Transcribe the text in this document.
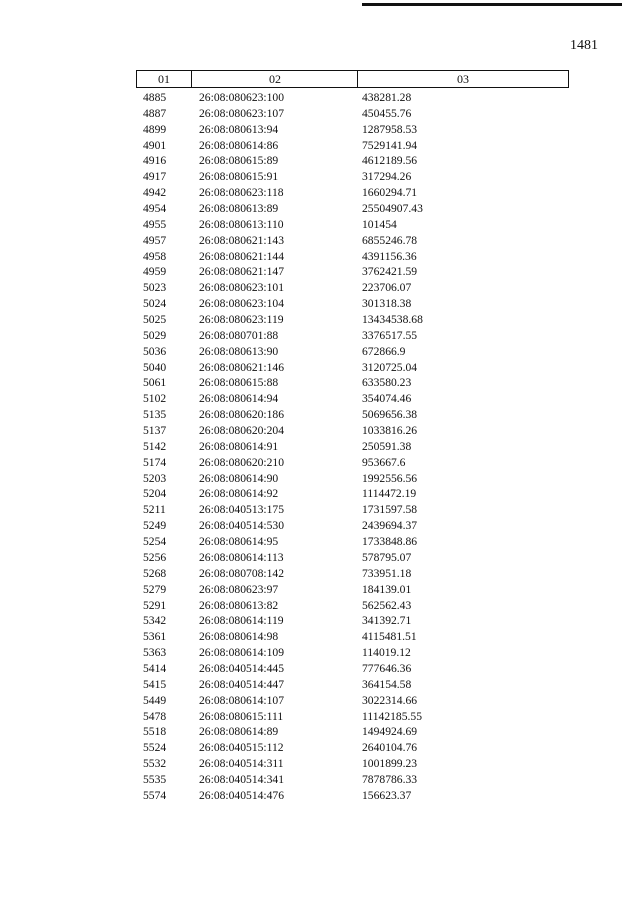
1481
01	02	03
4885	26:08:080623:100	438281.28
4887	26:08:080623:107	450455.76
4899	26:08:080613:94	1287958.53
4901	26:08:080614:86	7529141.94
4916	26:08:080615:89	4612189.56
4917	26:08:080615:91	317294.26
4942	26:08:080623:118	1660294.71
4954	26:08:080613:89	25504907.43
4955	26:08:080613:110	101454
4957	26:08:080621:143	6855246.78
4958	26:08:080621:144	4391156.36
4959	26:08:080621:147	3762421.59
5023	26:08:080623:101	223706.07
5024	26:08:080623:104	301318.38
5025	26:08:080623:119	13434538.68
5029	26:08:080701:88	3376517.55
5036	26:08:080613:90	672866.9
5040	26:08:080621:146	3120725.04
5061	26:08:080615:88	633580.23
5102	26:08:080614:94	354074.46
5135	26:08:080620:186	5069656.38
5137	26:08:080620:204	1033816.26
5142	26:08:080614:91	250591.38
5174	26:08:080620:210	953667.6
5203	26:08:080614:90	1992556.56
5204	26:08:080614:92	1114472.19
5211	26:08:040513:175	1731597.58
5249	26:08:040514:530	2439694.37
5254	26:08:080614:95	1733848.86
5256	26:08:080614:113	578795.07
5268	26:08:080708:142	733951.18
5279	26:08:080623:97	184139.01
5291	26:08:080613:82	562562.43
5342	26:08:080614:119	341392.71
5361	26:08:080614:98	4115481.51
5363	26:08:080614:109	114019.12
5414	26:08:040514:445	777646.36
5415	26:08:040514:447	364154.58
5449	26:08:080614:107	3022314.66
5478	26:08:080615:111	11142185.55
5518	26:08:080614:89	1494924.69
5524	26:08:040515:112	2640104.76
5532	26:08:040514:311	1001899.23
5535	26:08:040514:341	7878786.33
5574	26:08:040514:476	156623.37
